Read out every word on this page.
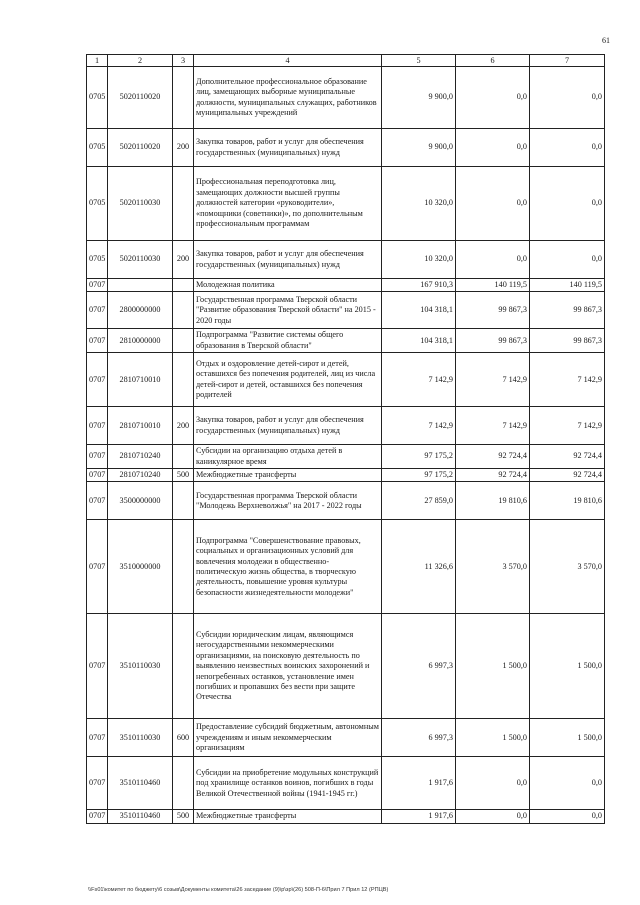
61
1	2	3	4	5	6	7
0705	5020110020		Дополнительное профессиональное образование лиц, замещающих выборные муниципальные должности, муниципальных служащих, работников муниципальных учреждений	9 900,0	0,0	0,0
0705	5020110020	200	Закупка товаров, работ и услуг для обеспечения государственных (муниципальных) нужд	9 900,0	0,0	0,0
0705	5020110030		Профессиональная переподготовка лиц, замещающих должности высшей группы должностей категории «руководители», «помощники (советники)», по дополнительным профессиональным программам	10 320,0	0,0	0,0
0705	5020110030	200	Закупка товаров, работ и услуг для обеспечения государственных (муниципальных) нужд	10 320,0	0,0	0,0
0707			Молодежная политика	167 910,3	140 119,5	140 119,5
0707	2800000000		Государственная программа Тверской области "Развитие образования Тверской области" на 2015 - 2020 годы	104 318,1	99 867,3	99 867,3
0707	2810000000		Подпрограмма "Развитие системы общего образования в Тверской области"	104 318,1	99 867,3	99 867,3
0707	2810710010		Отдых и оздоровление детей-сирот и детей, оставшихся без попечения родителей, лиц из числа детей-сирот и детей, оставшихся без попечения родителей	7 142,9	7 142,9	7 142,9
0707	2810710010	200	Закупка товаров, работ и услуг для обеспечения государственных (муниципальных) нужд	7 142,9	7 142,9	7 142,9
0707	2810710240		Субсидии на организацию отдыха детей в каникулярное время	97 175,2	92 724,4	92 724,4
0707	2810710240	500	Межбюджетные трансферты	97 175,2	92 724,4	92 724,4
0707	3500000000		Государственная программа Тверской области "Молодежь Верхневолжья" на 2017 - 2022 годы	27 859,0	19 810,6	19 810,6
0707	3510000000		Подпрограмма "Совершенствование правовых, социальных и организационных условий для вовлечения молодежи в общественно-политическую жизнь общества, в творческую деятельность, повышение уровня культуры безопасности жизнедеятельности молодежи"	11 326,6	3 570,0	3 570,0
0707	3510110030		Субсидии юридическим лицам, являющимся негосударственными некоммерческими организациями, на поисковую деятельность по выявлению неизвестных воинских захоронений и непогребенных останков, установление имен погибших и пропавших без вести при защите Отечества	6 997,3	1 500,0	1 500,0
0707	3510110030	600	Предоставление субсидий бюджетным, автономным учреждениям и иным некоммерческим организациям	6 997,3	1 500,0	1 500,0
0707	3510110460		Субсидии на приобретение модульных конструкций под хранилище останков воинов, погибших в годы Великой Отечественной войны (1941-1945 гг.)	1 917,6	0,0	0,0
0707	3510110460	500	Межбюджетные трансферты	1 917,6	0,0	0,0
\\Fs01\комитет по бюджету\6 созыв\Документы комитета\26 заседание (9)\р\зр\(26) 508-П-6\Прил 7 Прил 12 (РПЦВ)
